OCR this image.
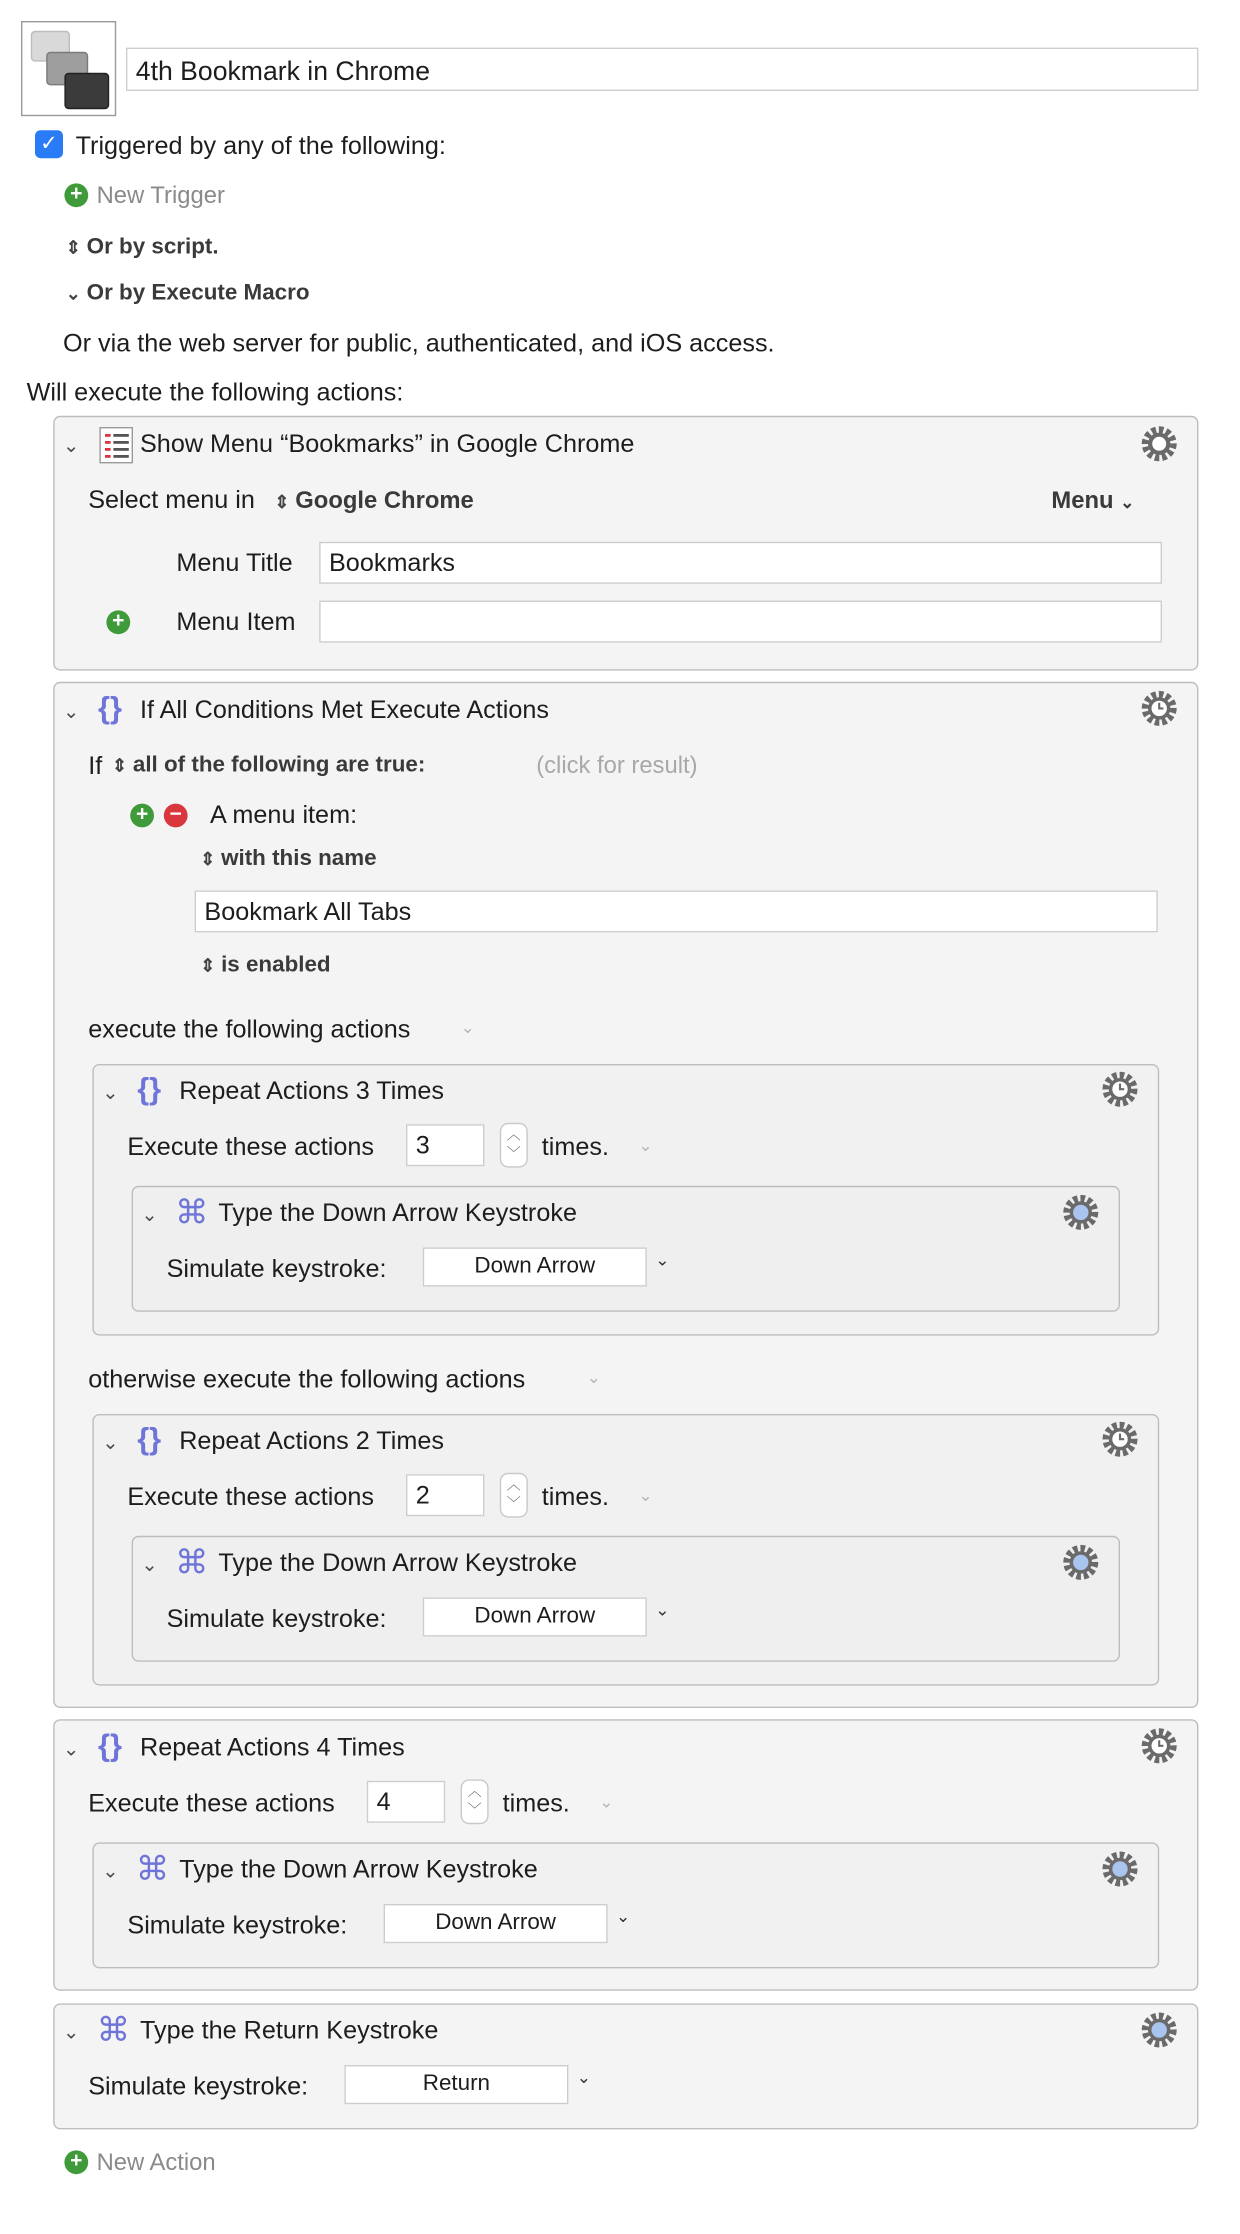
4th Bookmark in Chrome
✓ Triggered by any of the following:
+ New Trigger
⇕ Or by script.
⌄ Or by Execute Macro
Or via the web server for public, authenticated, and iOS access.
Will execute the following actions:
⌄	Show Menu “Bookmarks” in Google Chrome
Select menu in ⇕ Google Chrome	Menu ⌄
Menu Title	Bookmarks
+	Menu Item
⌄ {} If All Conditions Met Execute Actions
If ⇕ all of the following are true:	(click for result)
+	−	A menu item:
⇕ with this name
Bookmark All Tabs
⇕ is enabled
execute the following actions	⌄
⌄ {} Repeat Actions 3 Times
Execute these actions	3	︿
﹀	times. ⌄
⌄ ⌘ Type the Down Arrow Keystroke
Simulate keystroke:	Down Arrow	⌄
otherwise execute the following actions	⌄
⌄ {} Repeat Actions 2 Times
Execute these actions	2	︿
﹀	times. ⌄
⌄ ⌘ Type the Down Arrow Keystroke
Simulate keystroke:	Down Arrow	⌄
⌄ {} Repeat Actions 4 Times
Execute these actions	4	︿
﹀	times. ⌄
⌄ ⌘ Type the Down Arrow Keystroke
Simulate keystroke:	Down Arrow	⌄
⌄ ⌘ Type the Return Keystroke
Simulate keystroke:	Return	⌄
+ New Action
